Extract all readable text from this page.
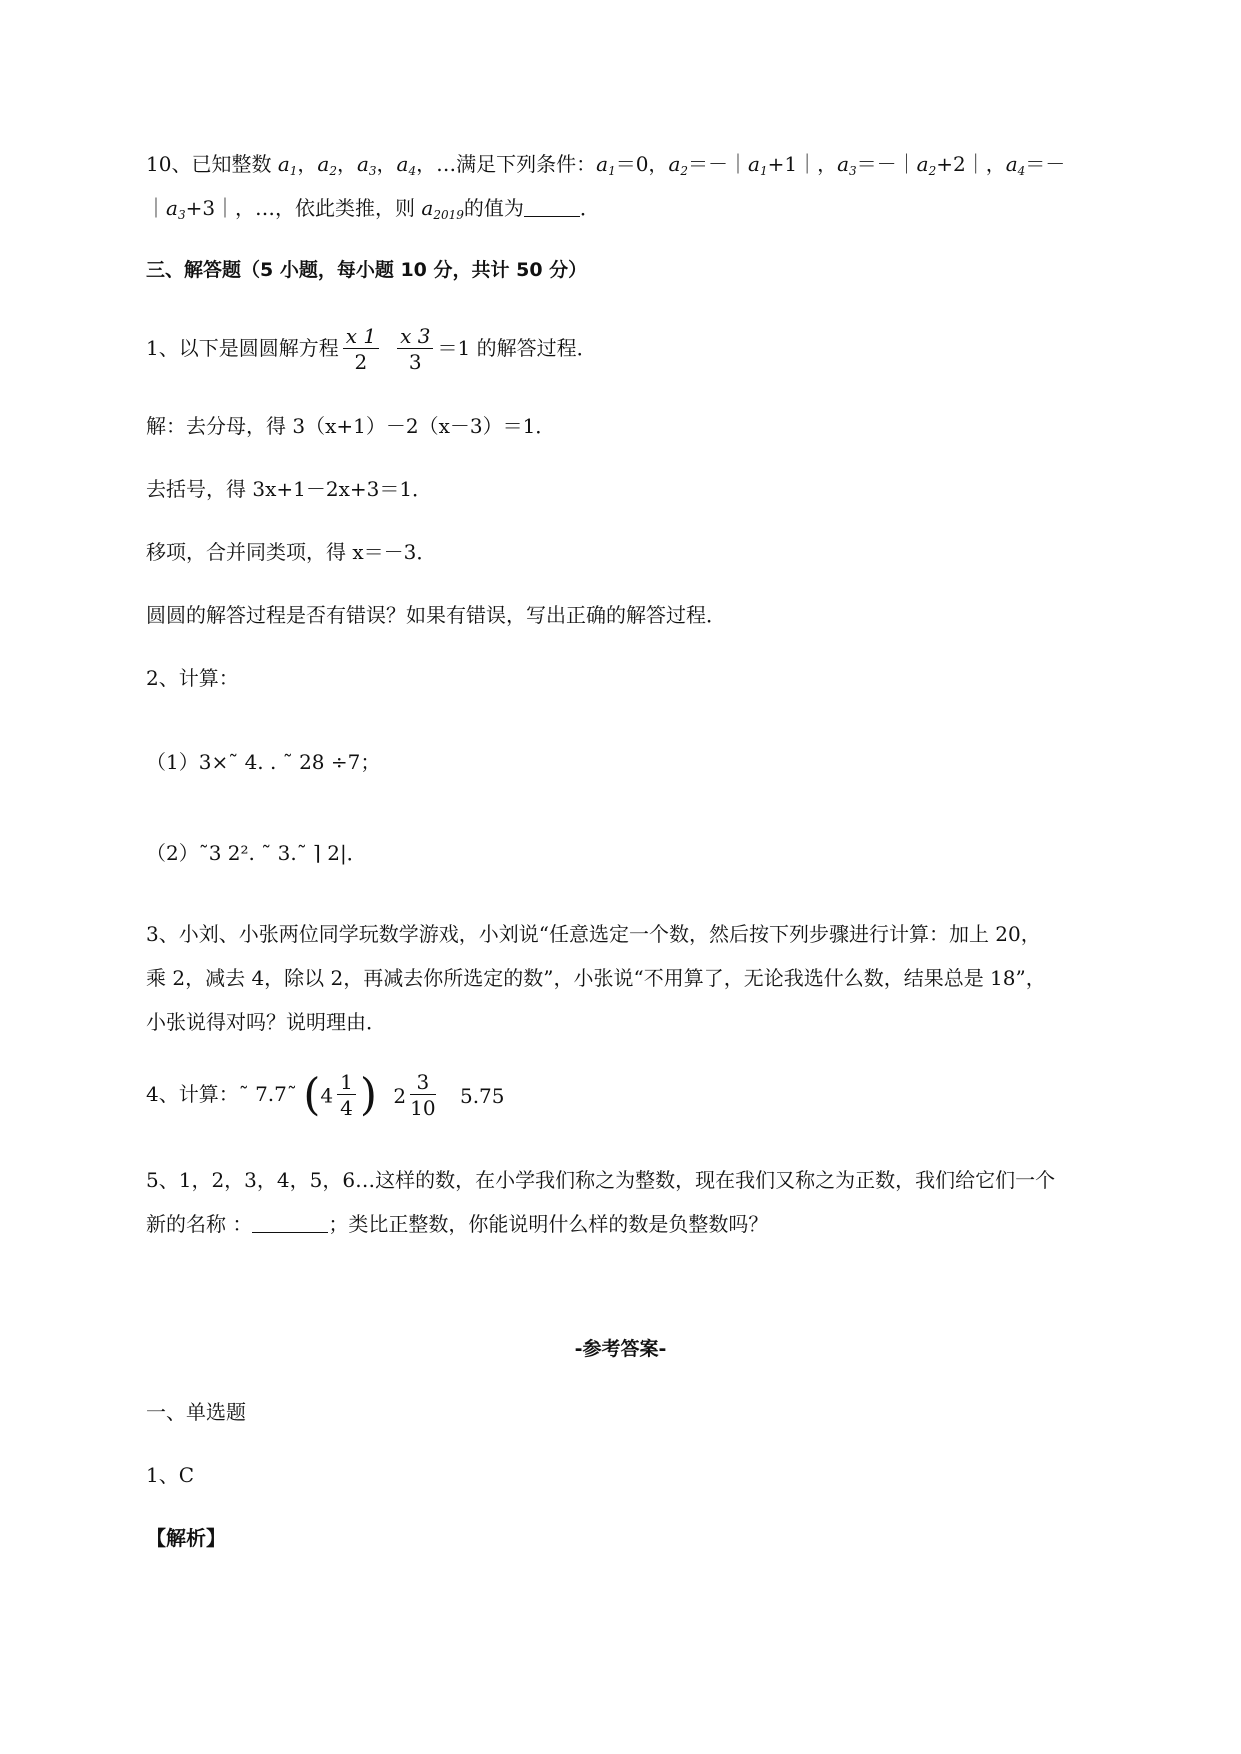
10、已知整数 $a_1$，$a_2$，$a_3$，$a_4$，…满足下列条件：$a_1=0$，$a_2=-|a_1+1|$，$a_3=-|a_2+2|$，$a_4=-$
$|a_3+3|$，…，依此类推，则 $a_{2019}$的值为	．
三、解答题（5 小题，每小题 10 分，共计 50 分）
1、以下是圆圆解方程 $\frac{x 1}{2} \frac{x 3}{3} =1$ 的解答过程．
解：去分母，得 3（x+1）－2（x－3）＝1．
去括号，得 3x+1－2x+3＝1．
移项，合并同类项，得 x＝－3．
圆圆的解答过程是否有错误？如果有错误，写出正确的解答过程．
2、计算：
（1）3×˜ 4. . ˜ 28 ÷7；
（2）˜3 2². ˜ 3.˜ ⌉ 2|．
3、小刘、小张两位同学玩数学游戏，小刘说“任意选定一个数，然后按下列步骤进行计算：加上 20，
乘 2，减去 4，除以 2，再减去你所选定的数”，小张说“不用算了，无论我选什么数，结果总是 18”，
小张说得对吗？说明理由．
4、计算：˜ 7.7˜ ($4 \frac{1}{4}$ ) $2 \frac{3}{10} 5.75$
5、1，2，3，4，5，6…这样的数，在小学我们称之为整数，现在我们又称之为正数，我们给它们一个
新的名称 ：	；类比正整数，你能说明什么样的数是负整数吗？
-参考答案-
一、单选题
1、C
【解析】
